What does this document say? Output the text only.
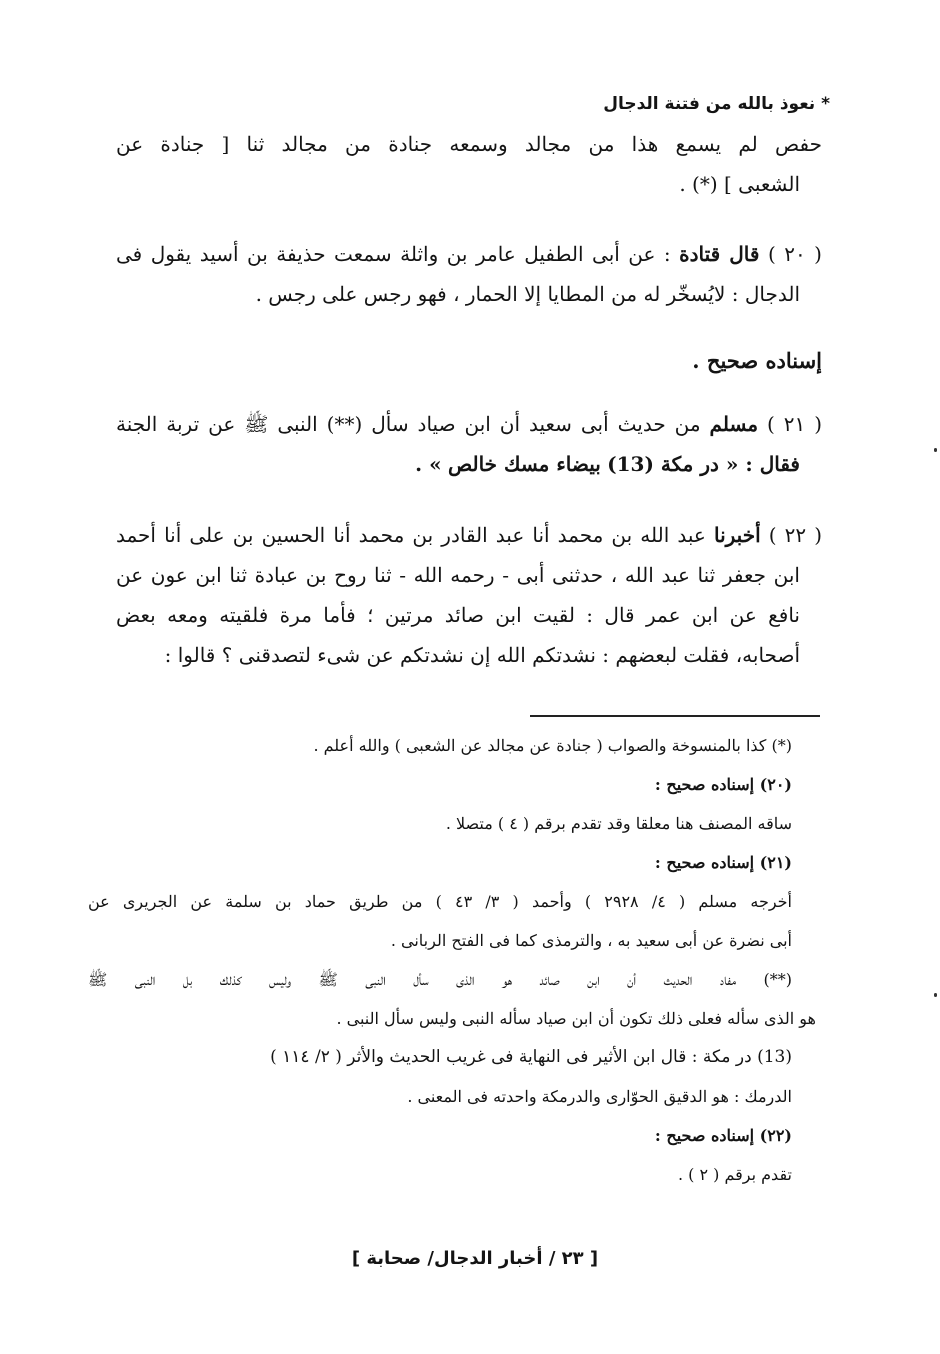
* نعوذ بالله من فتنة الدجال
حفص لم يسمع هذا من مجالد وسمعه جنادة من مجالد ثنا [ جنادة عن
الشعبى ] (*) .
( ٢٠ ) قال قتادة : عن أبى الطفيل عامر بن واثلة سمعت حذيفة بن أسيد يقول فى
الدجال : لايُسخّر له من المطايا إلا الحمار ، فهو رجس على رجس .
إسناده صحيح .
( ٢١ ) مسلم من حديث أبى سعيد أن ابن صياد سأل (**) النبى ﷺ عن تربة الجنة
فقال : « در مكة (13) بيضاء مسك خالص » .
( ٢٢ ) أخبرنا عبد الله بن محمد أنا عبد القادر بن محمد أنا الحسين بن على أنا أحمد
ابن جعفر ثنا عبد الله ، حدثنى أبى - رحمه الله - ثنا روح بن عبادة ثنا ابن عون عن
نافع عن ابن عمر قال : لقيت ابن صائد مرتين ؛ فأما مرة فلقيته ومعه بعض
أصحابه، فقلت لبعضهم : نشدتكم الله إن نشدتكم عن شىء لتصدقنى ؟ قالوا :
(*) كذا بالمنسوخة والصواب ( جنادة عن مجالد عن الشعبى ) والله أعلم .
(٢٠) إسناده صحيح :
ساقه المصنف هنا معلقا وقد تقدم برقم ( ٤ ) متصلا .
(٢١) إسناده صحيح :
أخرجه مسلم ( ٤/ ٢٩٢٨ ) وأحمد ( ٣/ ٤٣ ) من طريق حماد بن سلمة عن الجريرى عن
أبى نضرة عن أبى سعيد به ، والترمذى كما فى الفتح الربانى .
(**) مفاد الحديث أن ابن صائد هو الذى سأل النبى ﷺ وليس كذلك بل النبى ﷺ
هو الذى سأله فعلى ذلك تكون أن ابن صياد سأله النبى وليس سأل النبى .
(13) در مكة : قال ابن الأثير فى النهاية فى غريب الحديث والأثر ( ٢/ ١١٤ )
الدرمك : هو الدقيق الحوّارى والدرمكة واحدته فى المعنى .
(٢٢) إسناده صحيح :
تقدم برقم ( ٢ ) .
[ ٢٣ / أخبار الدجال/ صحابة ]
